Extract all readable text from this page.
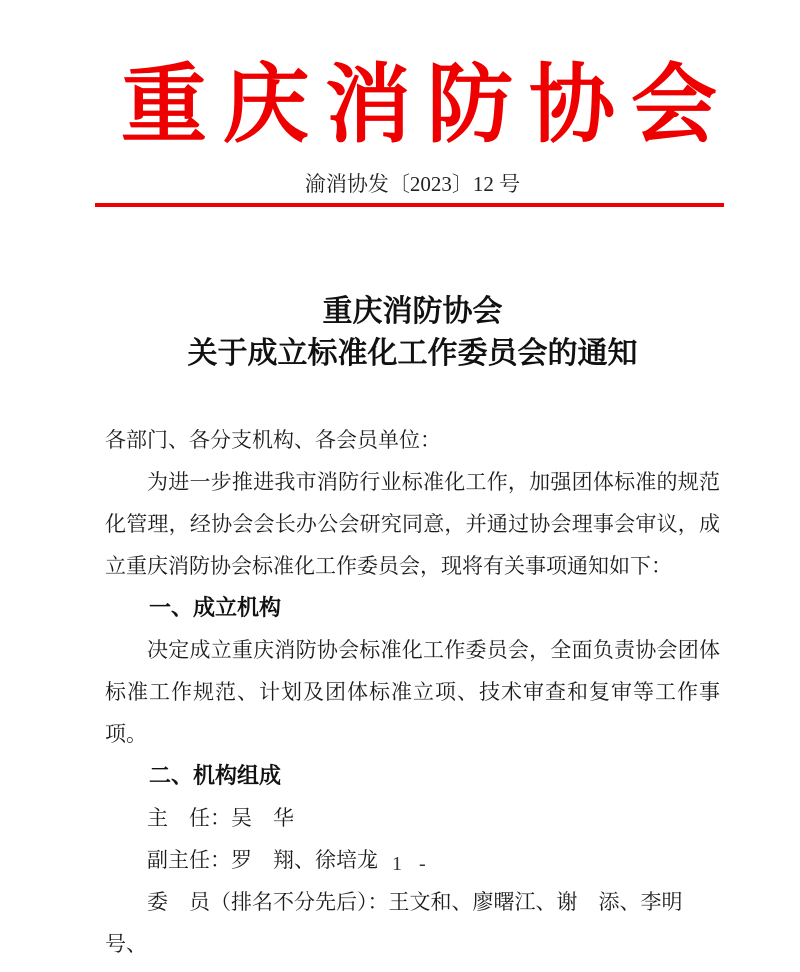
重庆消防协会
渝消协发〔2023〕12 号
重庆消防协会
关于成立标准化工作委员会的通知

各部门、各分支机构、各会员单位：

为进一步推进我市消防行业标准化工作，加强团体标准的规范化管理，经协会会长办公会研究同意，并通过协会理事会审议，成立重庆消防协会标准化工作委员会，现将有关事项通知如下：

一、成立机构

决定成立重庆消防协会标准化工作委员会，全面负责协会团体标准工作规范、计划及团体标准立项、技术审查和复审等工作事项。

二、机构组成

主　任：吴　华

副主任：罗　翔、徐培龙

委　员（排名不分先后）：王文和、廖曙江、谢　添、李明号、

- 1 -
